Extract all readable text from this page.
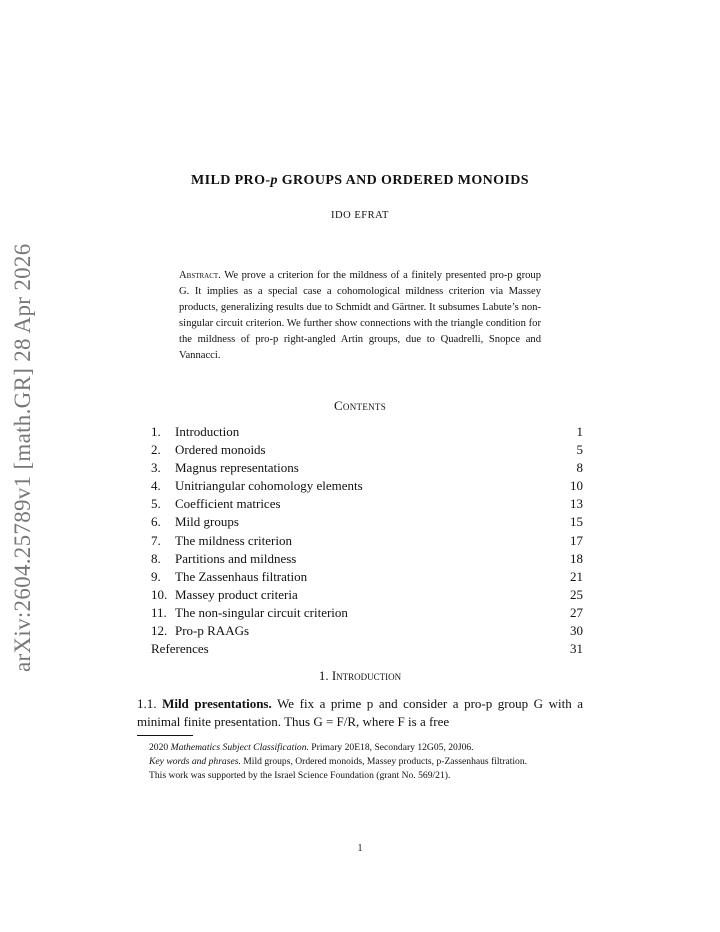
arXiv:2604.25789v1 [math.GR] 28 Apr 2026
MILD PRO-p GROUPS AND ORDERED MONOIDS
IDO EFRAT
Abstract. We prove a criterion for the mildness of a finitely presented pro-p group G. It implies as a special case a cohomological mildness criterion via Massey products, generalizing results due to Schmidt and Gärtner. It subsumes Labute’s non-singular circuit criterion. We further show connections with the triangle condition for the mildness of pro-p right-angled Artin groups, due to Quadrelli, Snopce and Vannacci.
Contents
1. Introduction	1
2. Ordered monoids	5
3. Magnus representations	8
4. Unitriangular cohomology elements	10
5. Coefficient matrices	13
6. Mild groups	15
7. The mildness criterion	17
8. Partitions and mildness	18
9. The Zassenhaus filtration	21
10. Massey product criteria	25
11. The non-singular circuit criterion	27
12. Pro-p RAAGs	30
References	31
1. Introduction
1.1. Mild presentations. We fix a prime p and consider a pro-p group G with a minimal finite presentation. Thus G = F/R, where F is a free

2020 Mathematics Subject Classification. Primary 20E18, Secondary 12G05, 20J06.

Key words and phrases. Mild groups, Ordered monoids, Massey products, p-Zassenhaus filtration.

This work was supported by the Israel Science Foundation (grant No. 569/21).

1
